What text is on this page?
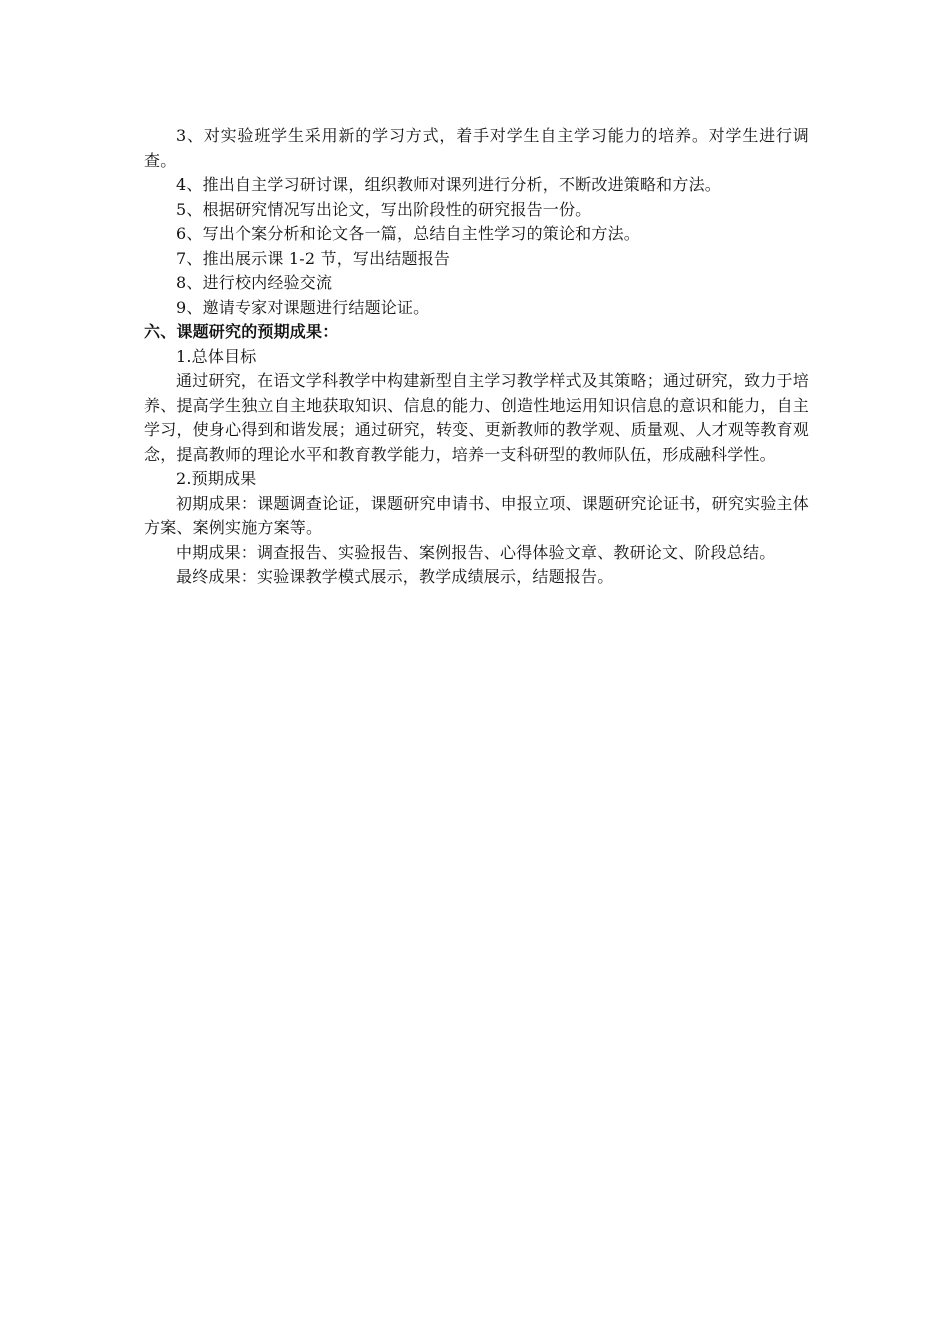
3、对实验班学生采用新的学习方式，着手对学生自主学习能力的培养。对学生进行调查。

4、推出自主学习研讨课，组织教师对课列进行分析，不断改进策略和方法。

5、根据研究情况写出论文，写出阶段性的研究报告一份。

6、写出个案分析和论文各一篇，总结自主性学习的策论和方法。

7、推出展示课 1-2 节，写出结题报告

8、进行校内经验交流

9、邀请专家对课题进行结题论证。

六、课题研究的预期成果：

1.总体目标

通过研究，在语文学科教学中构建新型自主学习教学样式及其策略；通过研究，致力于培养、提高学生独立自主地获取知识、信息的能力、创造性地运用知识信息的意识和能力，自主学习，使身心得到和谐发展；通过研究，转变、更新教师的教学观、质量观、人才观等教育观念，提高教师的理论水平和教育教学能力，培养一支科研型的教师队伍，形成融科学性。

2.预期成果

初期成果：课题调查论证，课题研究申请书、申报立项、课题研究论证书，研究实验主体方案、案例实施方案等。

中期成果：调查报告、实验报告、案例报告、心得体验文章、教研论文、阶段总结。

最终成果：实验课教学模式展示，教学成绩展示，结题报告。
